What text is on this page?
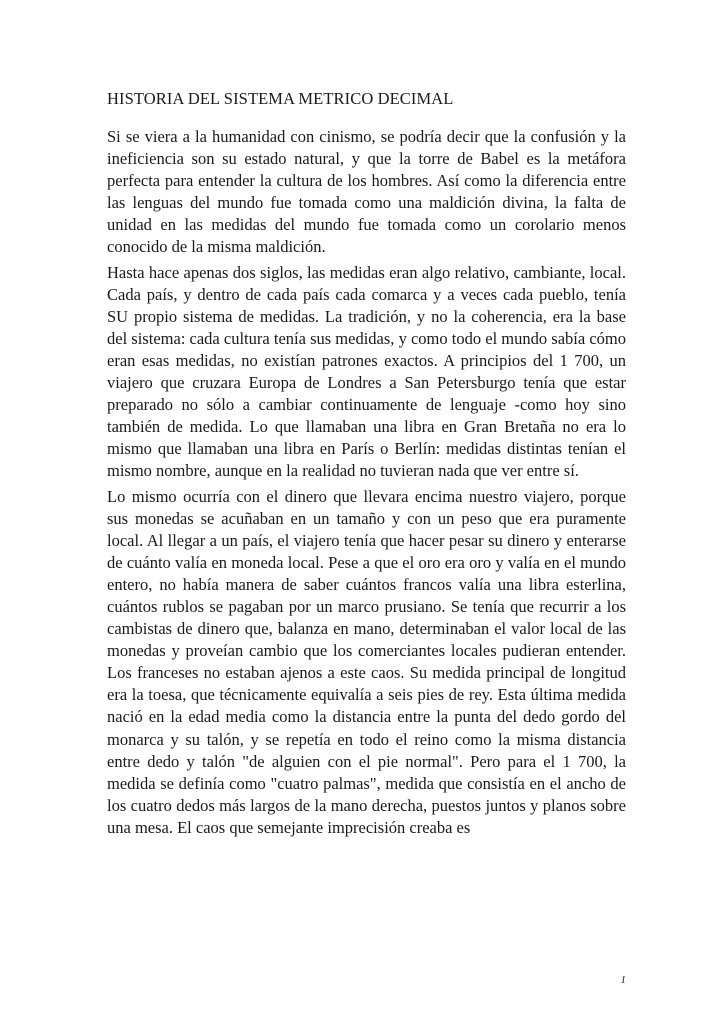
HISTORIA DEL SISTEMA METRICO DECIMAL

Si se viera a la humanidad con cinismo, se podría decir que la confusión y la ineficiencia son su estado natural, y que la torre de Babel es la metáfora perfecta para entender la cultura de los hombres. Así como la diferencia entre las lenguas del mundo fue tomada como una maldición divina, la falta de unidad en las medidas del mundo fue tomada como un corolario menos conocido de la misma maldición.

Hasta hace apenas dos siglos, las medidas eran algo relativo, cambiante, local. Cada país, y dentro de cada país cada comarca y a veces cada pueblo, tenía SU propio sistema de medidas. La tradición, y no la coherencia, era la base del sistema: cada cultura tenía sus medidas, y como todo el mundo sabía cómo eran esas medidas, no existían patrones exactos. A principios del 1 700, un viajero que cruzara Europa de Londres a San Petersburgo tenía que estar preparado no sólo a cambiar continuamente de lenguaje -como hoy sino también de medida. Lo que llamaban una libra en Gran Bretaña no era lo mismo que llamaban una libra en París o Berlín: medidas distintas tenían el mismo nombre, aunque en la realidad no tuvieran nada que ver entre sí.

Lo mismo ocurría con el dinero que llevara encima nuestro viajero, porque sus monedas se acuñaban en un tamaño y con un peso que era puramente local. Al llegar a un país, el viajero tenía que hacer pesar su dinero y enterarse de cuánto valía en moneda local. Pese a que el oro era oro y valía en el mundo entero, no había manera de saber cuántos francos valía una libra esterlina, cuántos rublos se pagaban por un marco prusiano. Se tenía que recurrir a los cambistas de dinero que, balanza en mano, determinaban el valor local de las monedas y proveían cambio que los comerciantes locales pudieran entender. Los franceses no estaban ajenos a este caos. Su medida principal de longitud era la toesa, que técnicamente equivalía a seis pies de rey. Esta última medida nació en la edad media como la distancia entre la punta del dedo gordo del monarca y su talón, y se repetía en todo el reino como la misma distancia entre dedo y talón "de alguien con el pie normal". Pero para el 1 700, la medida se definía como "cuatro palmas", medida que consistía en el ancho de los cuatro dedos más largos de la mano derecha, puestos juntos y planos sobre una mesa. El caos que semejante imprecisión creaba es

1
